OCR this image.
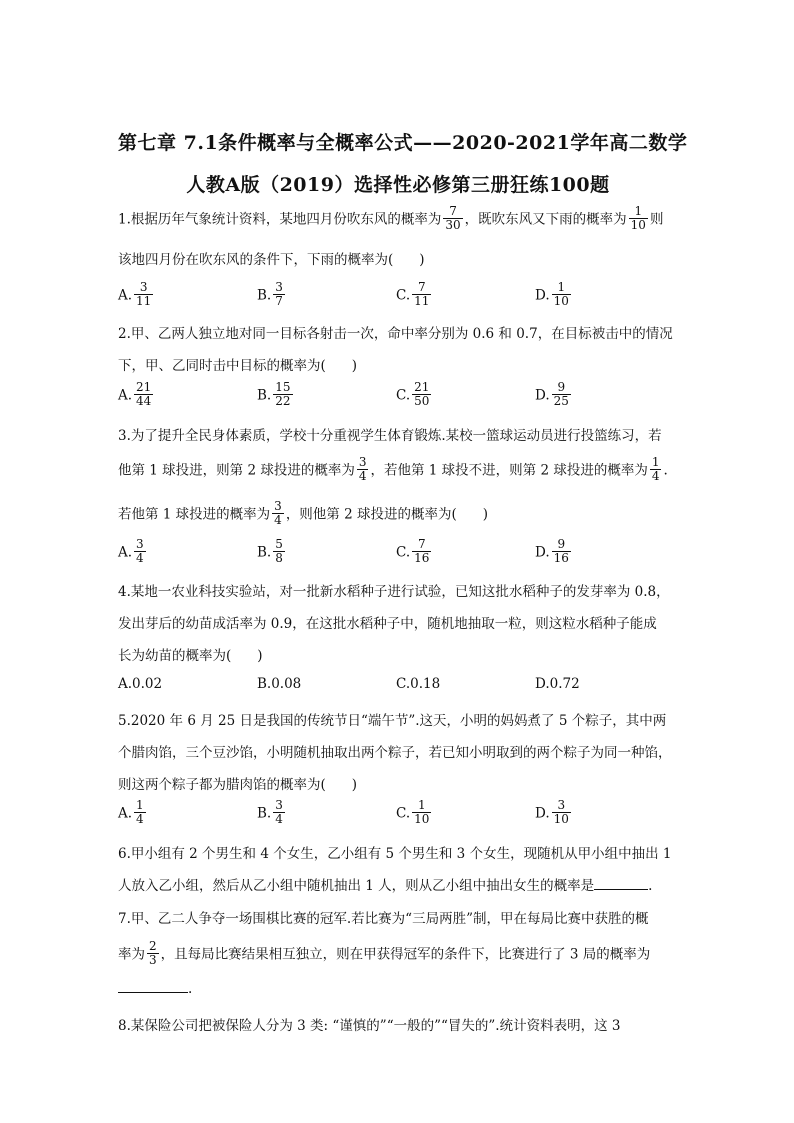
第七章 7.1条件概率与全概率公式——2020-2021学年高二数学
人教A版（2019）选择性必修第三册狂练100题
1.根据历年气象统计资料，某地四月份吹东风的概率为 $\frac{7}{30}$ ，既吹东风又下雨的概率为 $\frac{1}{10}$ 则
该地四月份在吹东风的条件下，下雨的概率为( )
A. $\frac{3}{11}$	B. $\frac{3}{7}$	C. $\frac{7}{11}$	D. $\frac{1}{10}$
2.甲、乙两人独立地对同一目标各射击一次，命中率分别为 0.6 和 0.7，在目标被击中的情况
下，甲、乙同时击中目标的概率为( )
A. $\frac{21}{44}$	B. $\frac{15}{22}$	C. $\frac{21}{50}$	D. $\frac{9}{25}$
3.为了提升全民身体素质，学校十分重视学生体育锻炼.某校一篮球运动员进行投篮练习，若
他第 1 球投进，则第 2 球投进的概率为 $\frac{3}{4}$ ，若他第 1 球投不进，则第 2 球投进的概率为 $\frac{1}{4}$ .
若他第 1 球投进的概率为 $\frac{3}{4}$ ，则他第 2 球投进的概率为( )
A. $\frac{3}{4}$	B. $\frac{5}{8}$	C. $\frac{7}{16}$	D. $\frac{9}{16}$
4.某地一农业科技实验站，对一批新水稻种子进行试验，已知这批水稻种子的发芽率为 0.8，
发出芽后的幼苗成活率为 0.9，在这批水稻种子中，随机地抽取一粒，则这粒水稻种子能成
长为幼苗的概率为( )
A.0.02	B.0.08	C.0.18	D.0.72
5.2020 年 6 月 25 日是我国的传统节日“端午节”.这天，小明的妈妈煮了 5 个粽子，其中两
个腊肉馅，三个豆沙馅，小明随机抽取出两个粽子，若已知小明取到的两个粽子为同一种馅，
则这两个粽子都为腊肉馅的概率为( )
A. $\frac{1}{4}$	B. $\frac{3}{4}$	C. $\frac{1}{10}$	D. $\frac{3}{10}$
6.甲小组有 2 个男生和 4 个女生，乙小组有 5 个男生和 3 个女生，现随机从甲小组中抽出 1
人放入乙小组，然后从乙小组中随机抽出 1 人，则从乙小组中抽出女生的概率是	.
7.甲、乙二人争夺一场围棋比赛的冠军.若比赛为“三局两胜”制，甲在每局比赛中获胜的概
率为 $\frac{2}{3}$ ，且每局比赛结果相互独立，则在甲获得冠军的条件下，比赛进行了 3 局的概率为
.
8.某保险公司把被保险人分为 3 类: “谨慎的”“一般的”“冒失的”.统计资料表明，这 3
